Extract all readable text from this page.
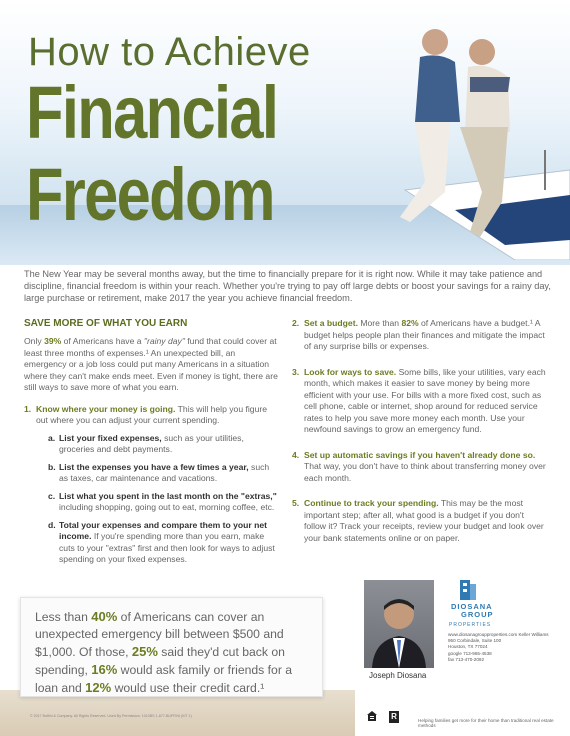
How to Achieve
Financial
Freedom
The New Year may be several months away, but the time to financially prepare for it is right now. While it may take patience and discipline, financial freedom is within your reach. Whether you're trying to pay off large debts or boost your savings for a rainy day, large purchase or retirement, make 2017 the year you achieve financial freedom.
SAVE MORE OF WHAT YOU EARN
Only 39% of Americans have a "rainy day" fund that could cover at least three months of expenses.¹ An unexpected bill, an emergency or a job loss could put many Americans in a situation where they can't make ends meet. Even if money is tight, there are still ways to save more of what you earn.
1. Know where your money is going. This will help you figure out where you can adjust your current spending.
a. List your fixed expenses, such as your utilities, groceries and debt payments.
b. List the expenses you have a few times a year, such as taxes, car maintenance and vacations.
c. List what you spent in the last month on the "extras," including shopping, going out to eat, morning coffee, etc.
d. Total your expenses and compare them to your net income. If you're spending more than you earn, make cuts to your "extras" first and then look for ways to adjust spending on your fixed expenses.
2. Set a budget. More than 82% of Americans have a budget.¹ A budget helps people plan their finances and mitigate the impact of any surprise bills or expenses.
3. Look for ways to save. Some bills, like your utilities, vary each month, which makes it easier to save money by being more efficient with your use. For bills with a more fixed cost, such as cell phone, cable or internet, shop around for reduced service rates to help you save more money each month. Use your newfound savings to grow an emergency fund.
4. Set up automatic savings if you haven't already done so. That way, you don't have to think about transferring money over each month.
5. Continue to track your spending. This may be the most important step; after all, what good is a budget if you don't follow it? Track your receipts, review your budget and look over your bank statements online or on paper.
Less than 40% of Americans can cover an unexpected emergency bill between $500 and $1,000. Of those, 25% said they'd cut back on spending, 16% would ask family or friends for a loan and 12% would use their credit card.¹
© 2017 Buffini & Company. All Rights Reserved. Used By Permission. 1010BS 1-877-BUFFINI (KIT 1)
Joseph Diosana
DIOSANA
GROUP
PROPERTIES
www.diosanagroupproperties.com Keller Williams
950 Corbindale, Suite 100
Houston, TX 77024
google 713-965-4538
fax 713-470-2092
R	Helping families get more for their home than traditional real estate methods
